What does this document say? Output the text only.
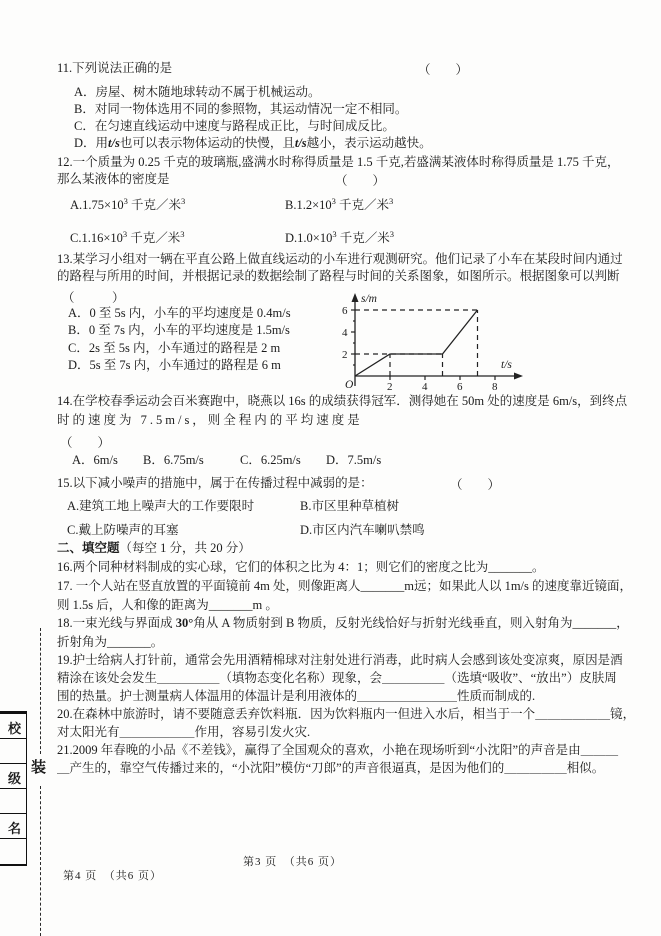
11.下列说法正确的是	（　　）
A．房屋、树木随地球转动不属于机械运动。
B．对同一物体选用不同的参照物，其运动情况一定不相同。
C．在匀速直线运动中速度与路程成正比，与时间成反比。
D．用t/s也可以表示物体运动的快慢，且t/s越小，表示运动越快。
12.一个质量为 0.25 千克的玻璃瓶,盛满水时称得质量是 1.5 千克,若盛满某液体时称得质量是 1.75 千克，
那么某液体的密度是	（　　）
$A.1.75\times 10^3$ 千克／米$^3$	$B.1.2\times 10^3$ 千克／米$^3$
$C.1.16\times 10^3$ 千克／米$^3$	$D.1.0\times 10^3$ 千克／米$^3$
13.某学习小组对一辆在平直公路上做直线运动的小车进行观测研究。他们记录了小车在某段时间内通过
的路程与所用的时间，并根据记录的数据绘制了路程与时间的关系图象，如图所示。根据图象可以判断
（　　　）
A．0 至 5s 内，小车的平均速度是 0.4m/s
B．0 至 7s 内，小车的平均速度是 1.5m/s
C．2s 至 5s 内，小车通过的路程是 2 m
D．5s 至 7s 内，小车通过的路程是 6 m
s/m
t/s
O	2	4	6	8
2
4
6
14.在学校春季运动会百米赛跑中，晓燕以 16s 的成绩获得冠军．测得她在 50m 处的速度是 6m/s，到终点
时的速度为 7.5m/s，则全程内的平均速度是
（　　）
A．6m/s B．6.75m/s	C．6.25m/s D．7.5m/s
15.以下减小噪声的措施中，属于在传播过程中减弱的是：	（　　）
A.建筑工地上噪声大的工作要限时	B.市区里种草植树
C.戴上防噪声的耳塞	D.市区内汽车喇叭禁鸣
二、填空题（每空 1 分，共 20 分）
16.两个同种材料制成的实心球，它们的体积之比为 4：1；则它们的密度之比为_______。
17. 一个人站在竖直放置的平面镜前 4m 处，则像距离人_______m远；如果此人以 1m/s 的速度靠近镜面，
则 1.5s 后，人和像的距离为_______m 。
18.一束光线与界面成 30°角从 A 物质射到 B 物质，反射光线恰好与折射光线垂直，则入射角为_______，
折射角为_______。
19.护士给病人打针前，通常会先用酒精棉球对注射处进行消毒，此时病人会感到该处变凉爽，原因是酒
精涂在该处会发生＿＿＿＿＿（填物态变化名称）现象，会＿＿＿＿＿（选填“吸收”、“放出”）皮肤周
围的热量。护士测量病人体温用的体温计是利用液体的＿＿＿＿＿＿＿＿性质而制成的.
20.在森林中旅游时，请不要随意丢弃饮料瓶．因为饮料瓶内一但进入水后，相当于一个＿＿＿＿＿＿镜，
对太阳光有＿＿＿＿＿＿作用，容易引发火灾.
21.2009 年春晚的小品《不差钱》，赢得了全国观众的喜欢，小艳在现场听到“小沈阳”的声音是由＿＿＿
＿产生的，靠空气传播过来的，“小沈阳”模仿“刀郎”的声音很逼真，是因为他们的＿＿＿＿＿相似。
第3 页　（共6 页）
第4 页　（共6 页）
装
校
级
名
